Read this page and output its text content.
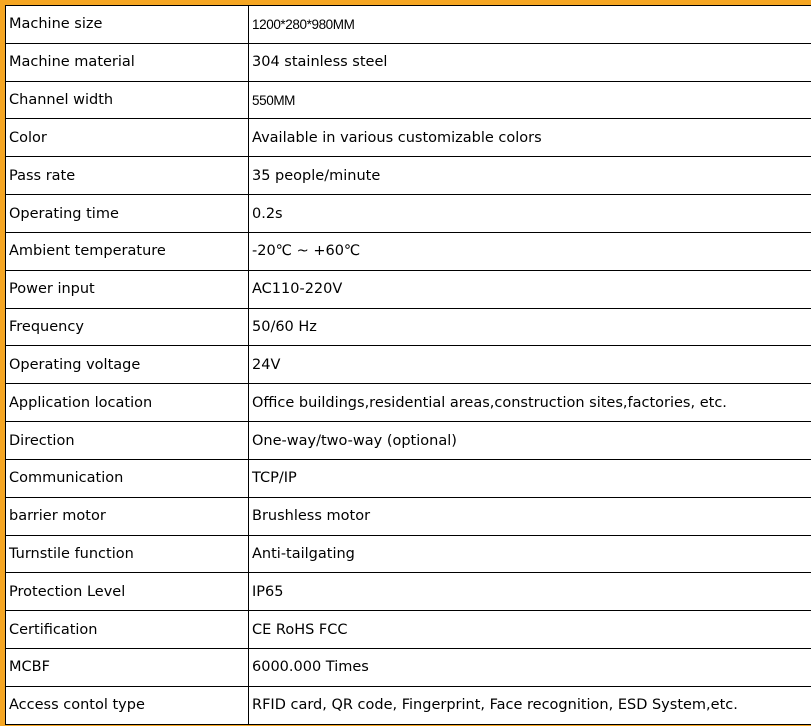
Machine size	1200*280*980MM
Machine material	304 stainless steel
Channel width	550MM
Color	Available in various customizable colors
Pass rate	35 people/minute
Operating time	0.2s
Ambient temperature	-20℃ ~ +60℃
Power input	AC110-220V
Frequency	50/60 Hz
Operating voltage	24V
Application location	Office buildings,residential areas,construction sites,factories, etc.
Direction	One-way/two-way (optional)
Communication	TCP/IP
barrier motor	Brushless motor
Turnstile function	Anti-tailgating
Protection Level	IP65
Certification	CE RoHS FCC
MCBF	6000.000 Times
Access contol type	RFID card, QR code, Fingerprint, Face recognition, ESD System,etc.
